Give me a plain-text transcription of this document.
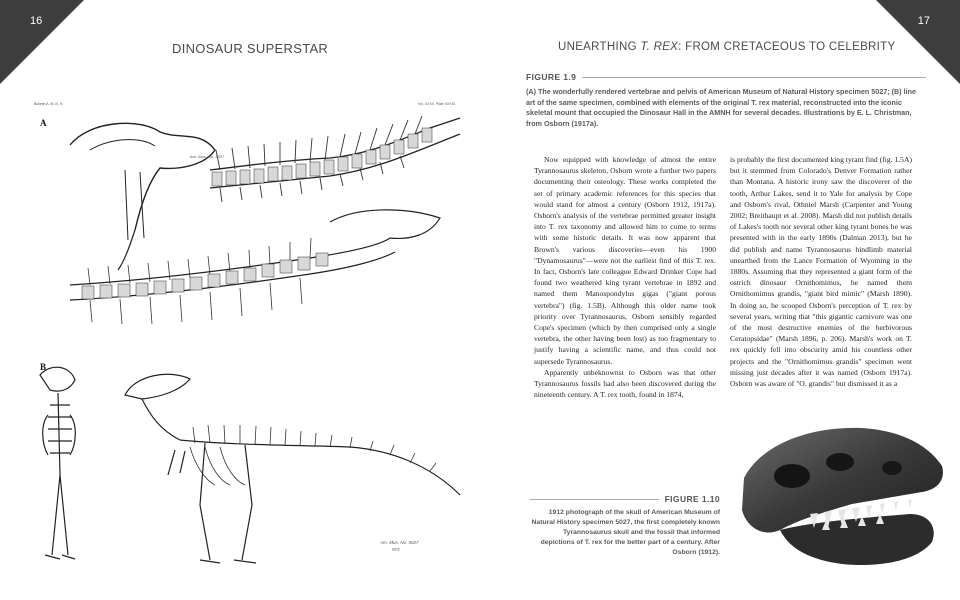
16
DINOSAUR SUPERSTAR
Bulletin A. M. N. H.	Vol. XXXV, Plate XXXIII.
A
B
Am. Mus. No. 5027
Am. Mus. No. 5027
973
17
UNEARTHING T. REX: FROM CRETACEOUS TO CELEBRITY
FIGURE 1.9
(A) The wonderfully rendered vertebrae and pelvis of American Museum of Natural History specimen 5027; (B) line art of the same specimen, combined with elements of the original T. rex material, reconstructed into the iconic skeletal mount that occupied the Dinosaur Hall in the AMNH for several decades. Illustrations by E. L. Christman, from Osborn (1917a).

Now equipped with knowledge of almost the entire Tyrannosaurus skeleton, Osborn wrote a further two papers documenting their osteology. These works completed the set of primary academic references for this species that would stand for almost a century (Osborn 1912, 1917a). Osborn's analysis of the vertebrae permitted greater insight into T. rex taxonomy and allowed him to come to terms with some historic details. It was now apparent that Brown's various discoveries—even his 1900 "Dynamosaurus"—were not the earliest find of this T. rex. In fact, Osborn's late colleague Edward Drinker Cope had found two weathered king tyrant vertebrae in 1892 and named them Manospondylus gigas ("giant porous vertebra") (fig. 1.5B). Although this older name took priority over Tyrannosaurus, Osborn sensibly regarded Cope's specimen (which by then comprised only a single vertebra, the other having been lost) as too fragmentary to justify having a scientific name, and thus could not supersede Tyrannosaurus.

Apparently unbeknownst to Osborn was that other Tyrannosaurus fossils had also been discovered during the nineteenth century. A T. rex tooth, found in 1874,

is probably the first documented king tyrant find (fig. 1.5A) but it stemmed from Colorado's Denver Formation rather than Montana. A historic irony saw the discoverer of the tooth, Arthur Lakes, send it to Yale for analysis by Cope and Osborn's rival, Othniel Marsh (Carpenter and Young 2002; Breithaupt et al. 2008). Marsh did not publish details of Lakes's tooth nor several other king tyrant bones he was presented with in the early 1890s (Dalman 2013), but he did publish and name Tyrannosaurus hindlimb material unearthed from the Lance Formation of Wyoming in the 1880s. Assuming that they represented a giant form of the ostrich dinosaur Ornithomimus, he named them Ornithomimus grandis, "giant bird mimic" (Marsh 1890). In doing so, he scooped Osborn's perception of T. rex by several years, writing that "this gigantic carnivore was one of the most destructive enemies of the herbivorous Ceratopsidae" (Marsh 1896, p. 206). Marsh's work on T. rex quickly fell into obscurity amid his countless other projects and the "Ornithomimus grandis" specimen went missing just decades after it was named (Osborn 1917a). Osborn was aware of "O. grandis" but dismissed it as a

FIGURE 1.10
1912 photograph of the skull of American Museum of Natural History specimen 5027, the first completely known Tyrannosaurus skull and the fossil that informed depictions of T. rex for the better part of a century. After Osborn (1912).
